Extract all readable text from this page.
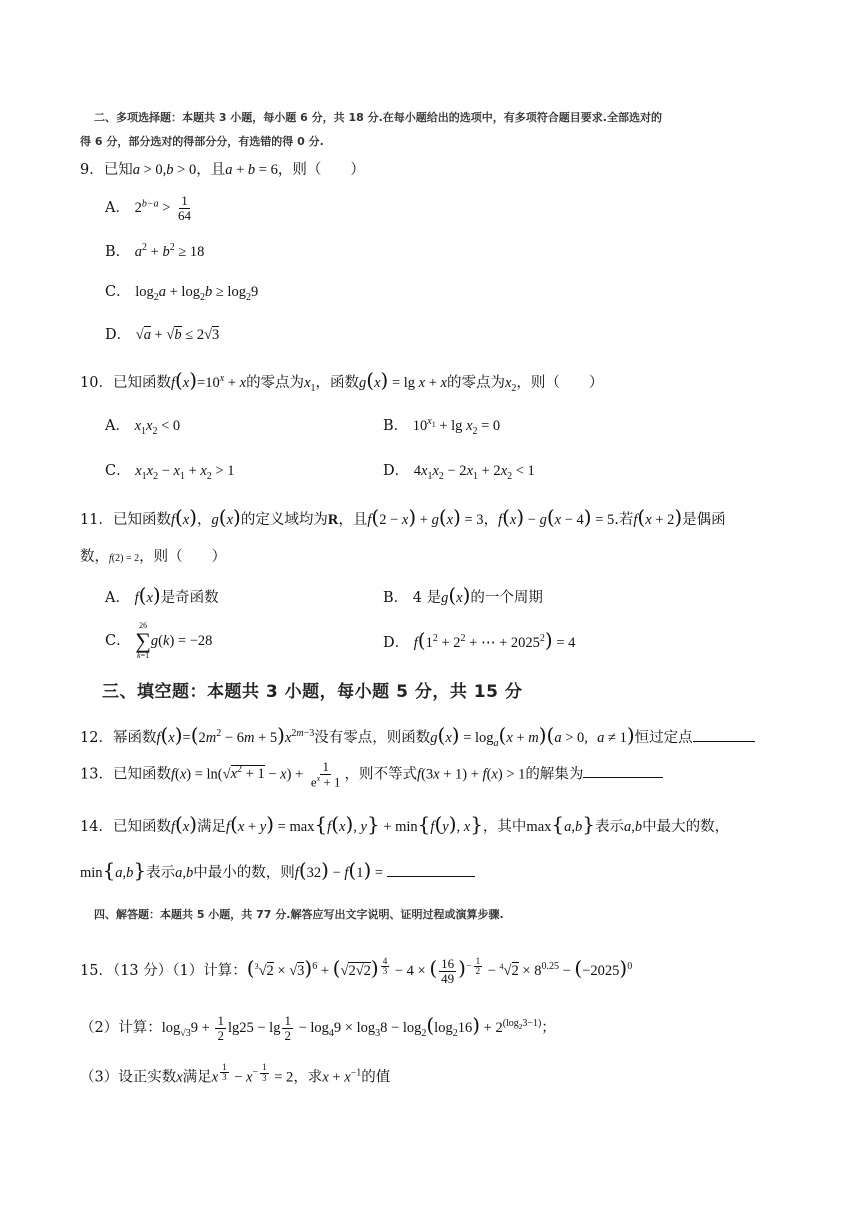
二、多项选择题：本题共 3 小题，每小题 6 分，共 18 分.在每小题给出的选项中，有多项符合题目要求.全部选对的
得 6 分，部分选对的得部分分，有选错的得 0 分.
9．已知a > 0,b > 0，且a + b = 6，则（　　）
A． $2^{b-a} > \frac{1}{64}$
B． $a^2 + b^2 \ge 18$
C． $\log_2a + \log_2b \ge \log_29$
D． √a + √b ≤ 2√3
10．已知函数$f(x)=10^x + x$的零点为$x_1$，函数g(x) = lg x + x的零点为$x_2$，则（　　）
A． $x_1x_2 < 0$	B． $10^{x_1} + \lg x_2 = 0$
C． $x_1x_2 - x_1 + x_2 > 1$	D． $4x_1x_2 - 2x_1 + 2x_2 < 1$
11．已知函数f(x)，g(x)的定义域均为R，且f(2 − x) + g(x) = 3，f(x) − g(x − 4) = 5.若f(x + 2)是偶函
数，f(2) = 2，则（　　）
A． f(x)是奇函数	B． 4 是g(x)的一个周期
C．
26
∑
k=1
g(k) = −28	D． $f(1^2 + 2^2$ + ⋯ + $2025^2) = 4$
三、填空题：本题共 3 小题，每小题 5 分，共 15 分
12．幂函数$f(x)=(2m^2 - 6m + 5)x^{2m-3}$没有零点，则函数$g(x) = \log_a(x + m)(a > 0$, a ≠ 1)恒过定点
13．已知函数$f(x) = \ln(√x^2 + 1 - x) + \frac{1}{e^x + 1}$ ，则不等式f(3x + 1) + f(x) > 1的解集为
14．已知函数f(x)满足f(x + y) = max{f(x), y} + min{f(y), x}，其中max{a,b}表示a,b中最大的数，
min{a,b}表示a,b中最小的数，则f(32) − f(1) =
四、解答题：本题共 5 小题，共 77 分.解答应写出文字说明、证明过程或演算步骤.
15．（13 分）（1）计算：$(^3√2 \times √3)^6 + (√2√2)$ $^{\frac{4}{3}}$ − 4 × ( $\frac{16}{49} )^{- \frac{1}{2}} - ^4√2 \times 8^{0.25} - (-2025)^0$
（2）计算：$\log_{√3}9 + \frac{1}{2} \lg 25 - \lg \frac{1}{2} - \log_49 \times \log_38 - \log_2(\log_216) + 2^{(log_23-1)}$；
（3）设正实数x满足x $^{\frac{1}{3}} - x^{- \frac{1}{3}} = 2$，求$x + x^{-1}$的值
